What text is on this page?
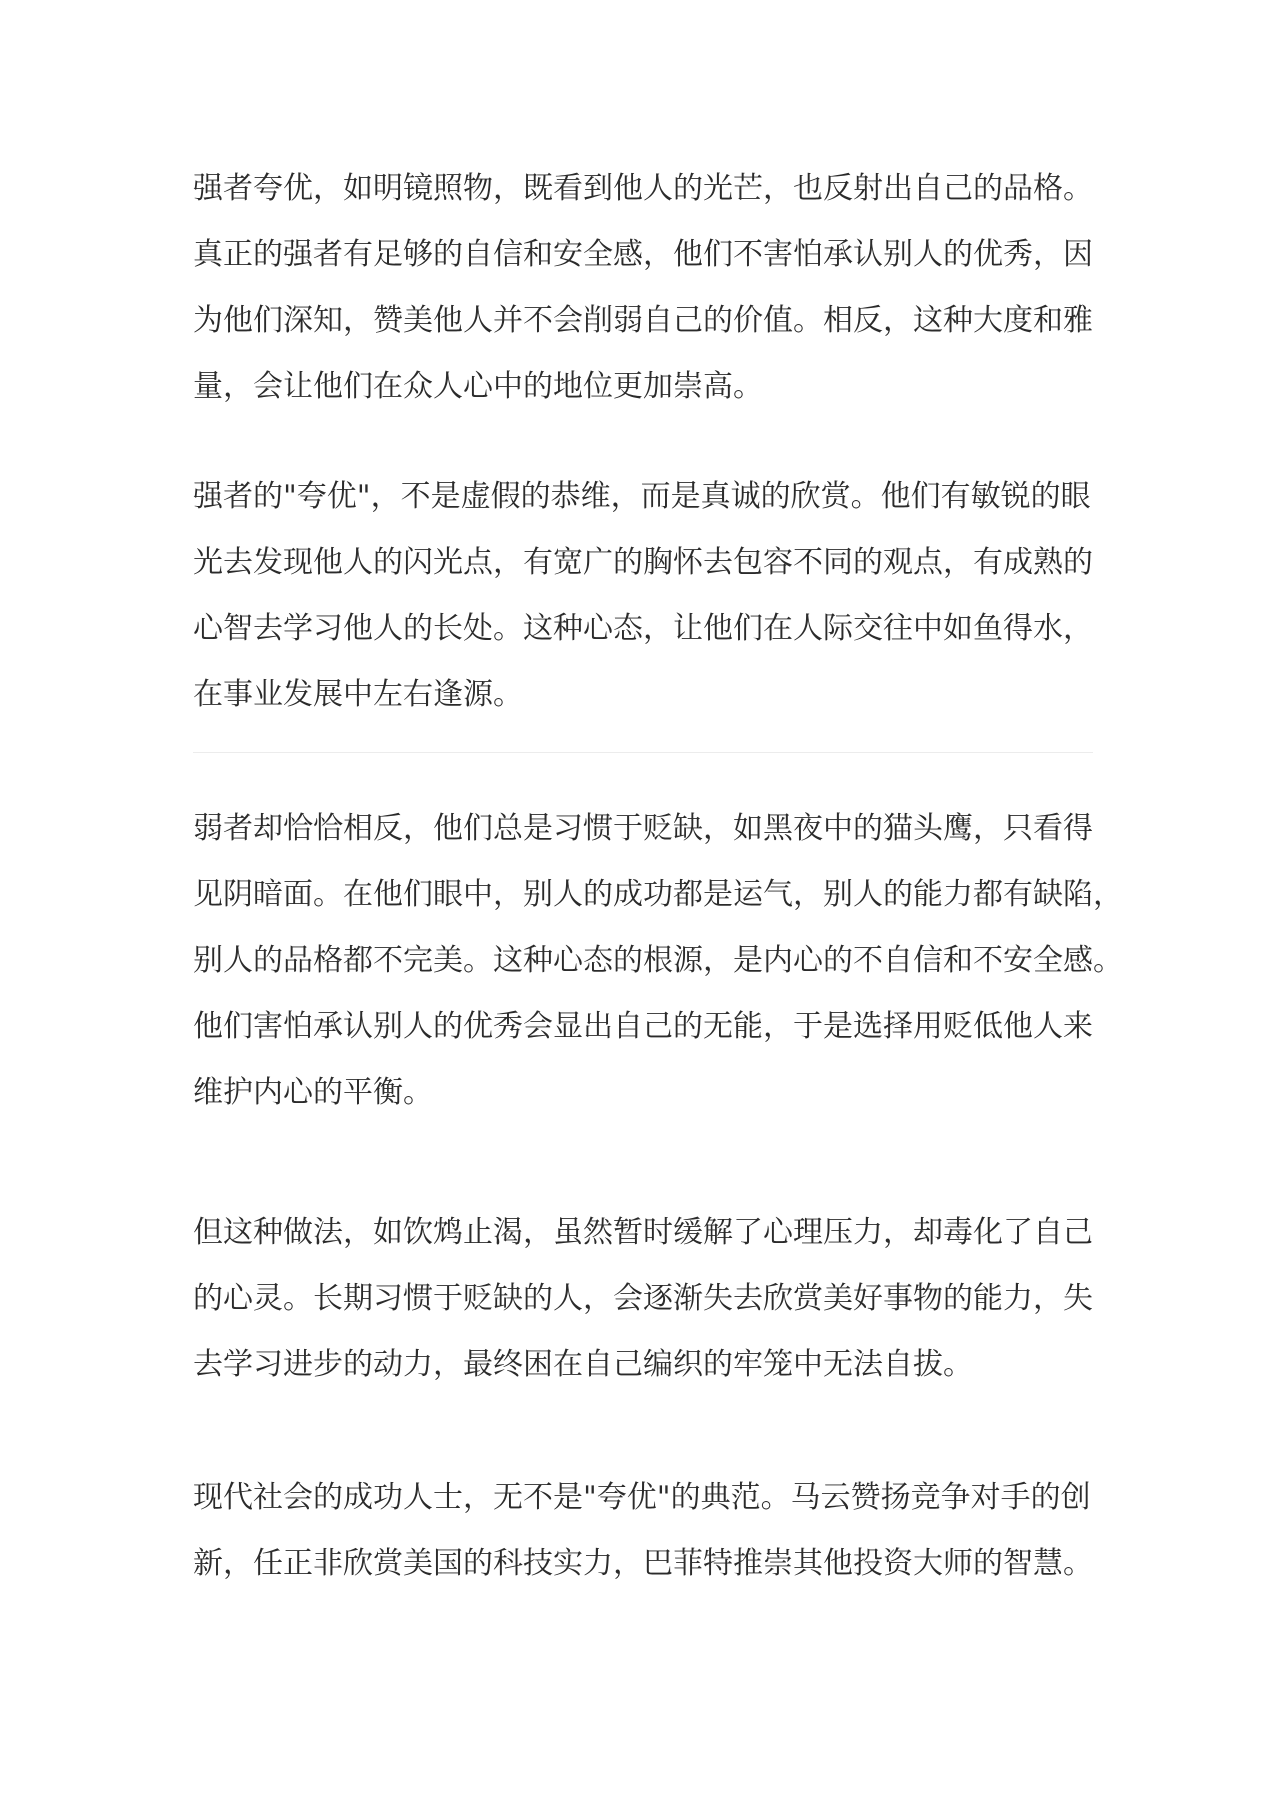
强者夸优，如明镜照物，既看到他人的光芒，也反射出自己的品格。
真正的强者有足够的自信和安全感，他们不害怕承认别人的优秀，因
为他们深知，赞美他人并不会削弱自己的价值。相反，这种大度和雅
量，会让他们在众人心中的地位更加崇高。

强者的"夸优"，不是虚假的恭维，而是真诚的欣赏。他们有敏锐的眼
光去发现他人的闪光点，有宽广的胸怀去包容不同的观点，有成熟的
心智去学习他人的长处。这种心态，让他们在人际交往中如鱼得水，
在事业发展中左右逢源。

弱者却恰恰相反，他们总是习惯于贬缺，如黑夜中的猫头鹰，只看得
见阴暗面。在他们眼中，别人的成功都是运气，别人的能力都有缺陷，
别人的品格都不完美。这种心态的根源，是内心的不自信和不安全感。
他们害怕承认别人的优秀会显出自己的无能，于是选择用贬低他人来
维护内心的平衡。

但这种做法，如饮鸩止渴，虽然暂时缓解了心理压力，却毒化了自己
的心灵。长期习惯于贬缺的人，会逐渐失去欣赏美好事物的能力，失
去学习进步的动力，最终困在自己编织的牢笼中无法自拔。

现代社会的成功人士，无不是"夸优"的典范。马云赞扬竞争对手的创
新，任正非欣赏美国的科技实力，巴菲特推崇其他投资大师的智慧。
